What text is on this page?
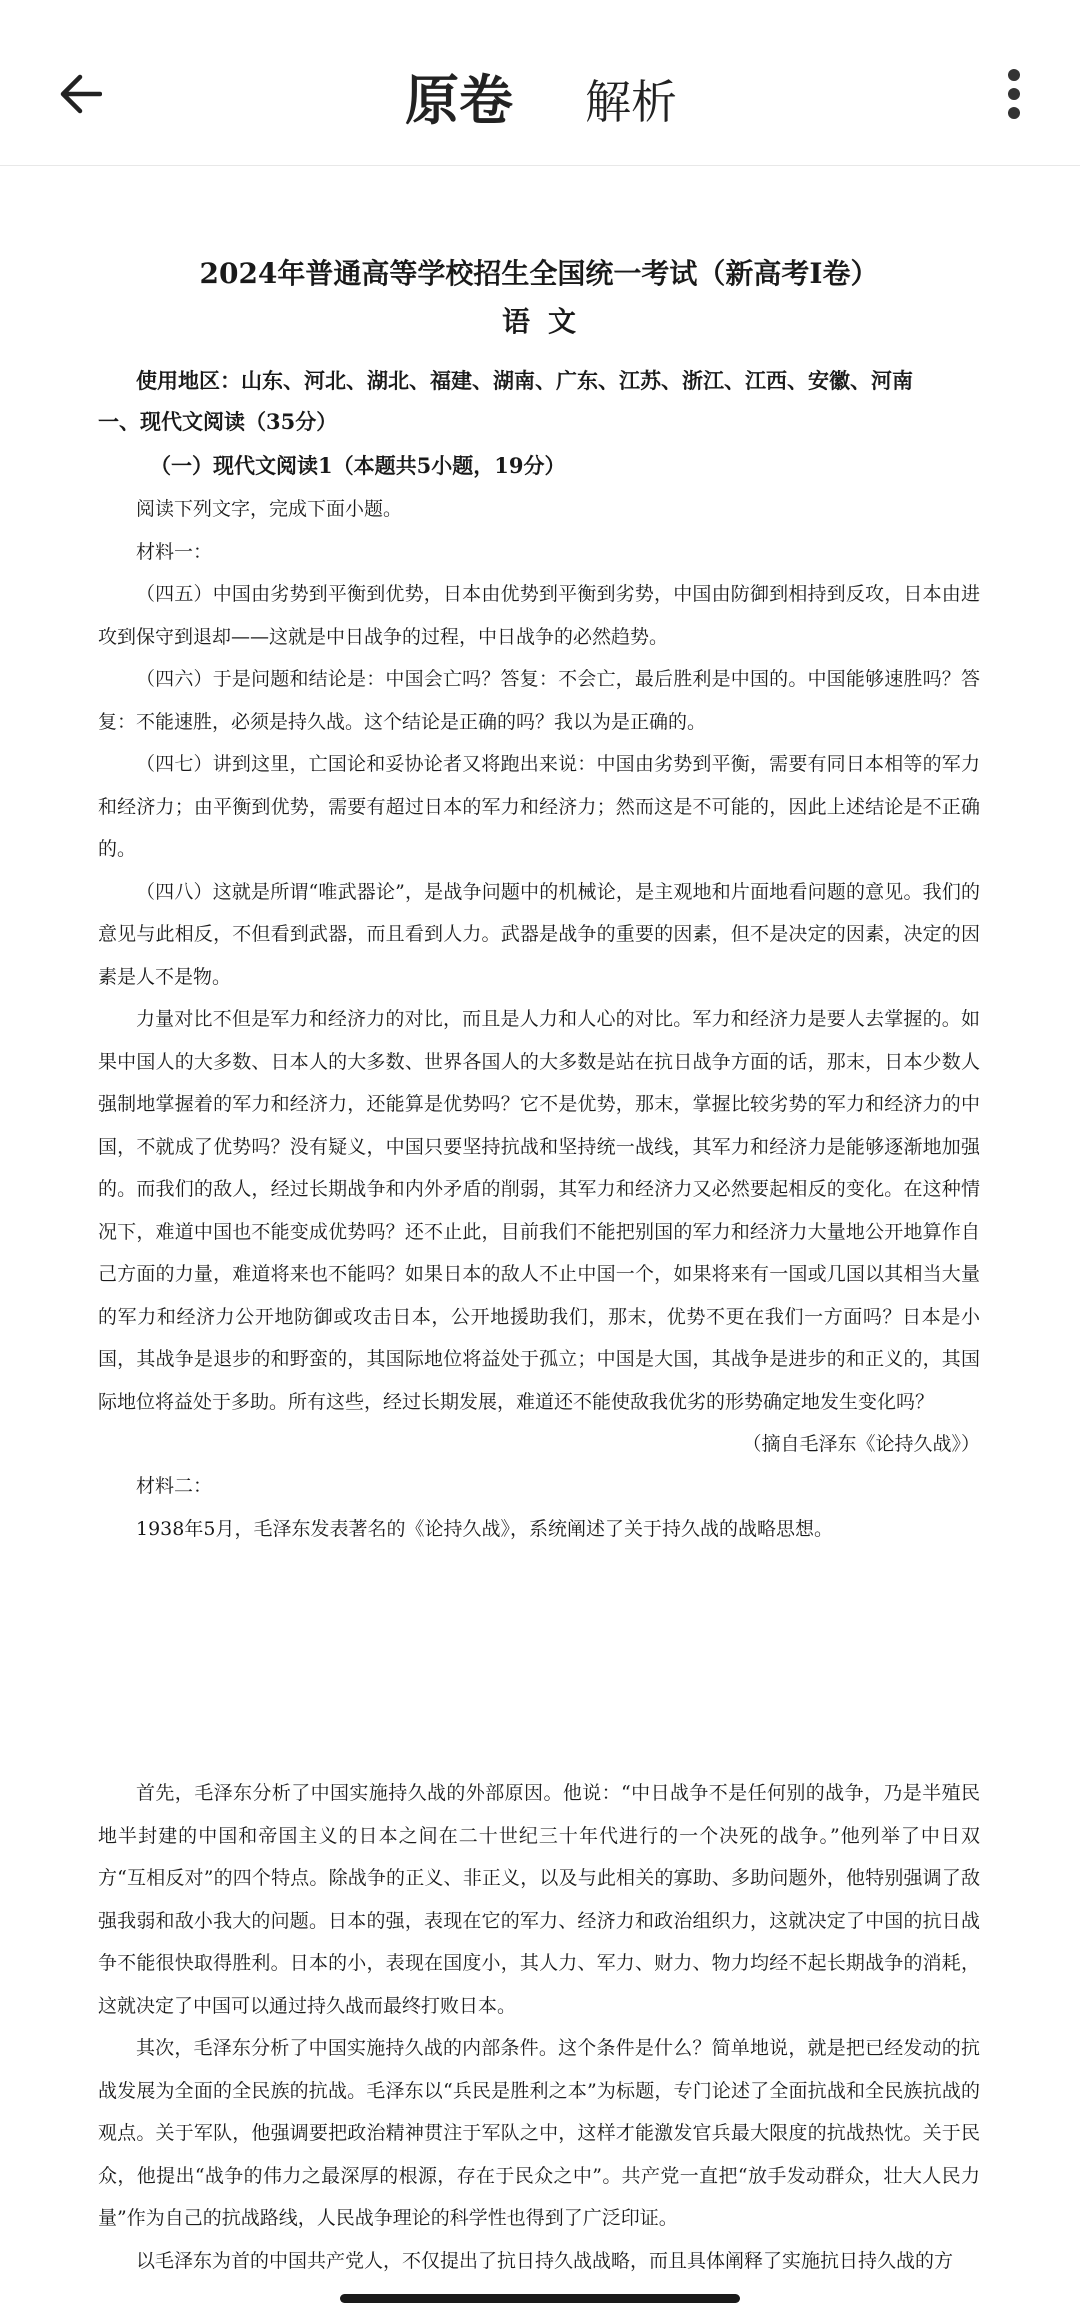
原卷 解析
2024年普通高等学校招生全国统一考试（新高考Ⅰ卷）
语文
使用地区：山东、河北、湖北、福建、湖南、广东、江苏、浙江、江西、安徽、河南
一、现代文阅读（35分）
（一）现代文阅读1（本题共5小题，19分）
阅读下列文字，完成下面小题。
材料一：
（四五）中国由劣势到平衡到优势，日本由优势到平衡到劣势，中国由防御到相持到反攻，日本由进攻到保守到退却——这就是中日战争的过程，中日战争的必然趋势。
（四六）于是问题和结论是：中国会亡吗？答复：不会亡，最后胜利是中国的。中国能够速胜吗？答复：不能速胜，必须是持久战。这个结论是正确的吗？我以为是正确的。
（四七）讲到这里，亡国论和妥协论者又将跑出来说：中国由劣势到平衡，需要有同日本相等的军力和经济力；由平衡到优势，需要有超过日本的军力和经济力；然而这是不可能的，因此上述结论是不正确的。
（四八）这就是所谓“唯武器论”，是战争问题中的机械论，是主观地和片面地看问题的意见。我们的意见与此相反，不但看到武器，而且看到人力。武器是战争的重要的因素，但不是决定的因素，决定的因素是人不是物。
力量对比不但是军力和经济力的对比，而且是人力和人心的对比。军力和经济力是要人去掌握的。如果中国人的大多数、日本人的大多数、世界各国人的大多数是站在抗日战争方面的话，那末，日本少数人强制地掌握着的军力和经济力，还能算是优势吗？它不是优势，那末，掌握比较劣势的军力和经济力的中国，不就成了优势吗？没有疑义，中国只要坚持抗战和坚持统一战线，其军力和经济力是能够逐渐地加强的。而我们的敌人，经过长期战争和内外矛盾的削弱，其军力和经济力又必然要起相反的变化。在这种情况下，难道中国也不能变成优势吗？还不止此，目前我们不能把别国的军力和经济力大量地公开地算作自己方面的力量，难道将来也不能吗？如果日本的敌人不止中国一个，如果将来有一国或几国以其相当大量的军力和经济力公开地防御或攻击日本，公开地援助我们，那末，优势不更在我们一方面吗？日本是小国，其战争是退步的和野蛮的，其国际地位将益处于孤立；中国是大国，其战争是进步的和正义的，其国际地位将益处于多助。所有这些，经过长期发展，难道还不能使敌我优劣的形势确定地发生变化吗？
（摘自毛泽东《论持久战》）
材料二：
1938年5月，毛泽东发表著名的《论持久战》，系统阐述了关于持久战的战略思想。
首先，毛泽东分析了中国实施持久战的外部原因。他说：“中日战争不是任何别的战争，乃是半殖民地半封建的中国和帝国主义的日本之间在二十世纪三十年代进行的一个决死的战争。”他列举了中日双方“互相反对”的四个特点。除战争的正义、非正义，以及与此相关的寡助、多助问题外，他特别强调了敌强我弱和敌小我大的问题。日本的强，表现在它的军力、经济力和政治组织力，这就决定了中国的抗日战争不能很快取得胜利。日本的小，表现在国度小，其人力、军力、财力、物力均经不起长期战争的消耗，这就决定了中国可以通过持久战而最终打败日本。
其次，毛泽东分析了中国实施持久战的内部条件。这个条件是什么？简单地说，就是把已经发动的抗战发展为全面的全民族的抗战。毛泽东以“兵民是胜利之本”为标题，专门论述了全面抗战和全民族抗战的观点。关于军队，他强调要把政治精神贯注于军队之中，这样才能激发官兵最大限度的抗战热忱。关于民众，他提出“战争的伟力之最深厚的根源，存在于民众之中”。共产党一直把“放手发动群众，壮大人民力量”作为自己的抗战路线，人民战争理论的科学性也得到了广泛印证。
以毛泽东为首的中国共产党人，不仅提出了抗日持久战战略，而且具体阐释了实施抗日持久战的方
